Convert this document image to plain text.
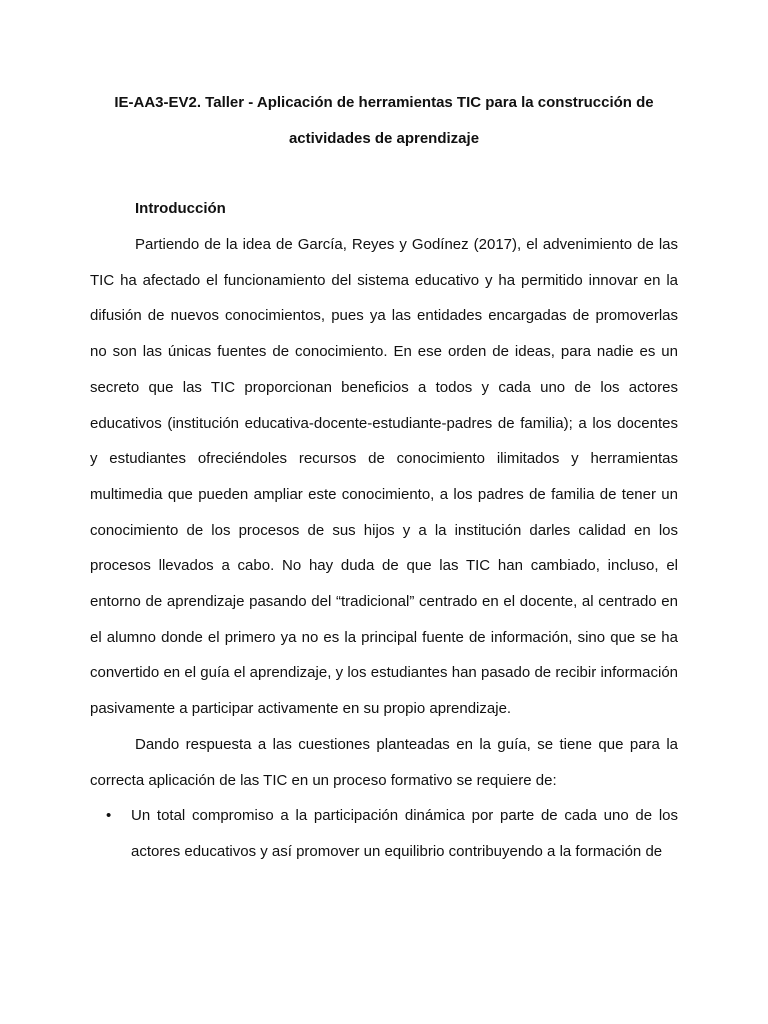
IE-AA3-EV2. Taller - Aplicación de herramientas TIC para la construcción de actividades de aprendizaje
Introducción

Partiendo de la idea de García, Reyes y Godínez (2017), el advenimiento de las TIC ha afectado el funcionamiento del sistema educativo y ha permitido innovar en la difusión de nuevos conocimientos, pues ya las entidades encargadas de promoverlas no son las únicas fuentes de conocimiento. En ese orden de ideas, para nadie es un secreto que las TIC proporcionan beneficios a todos y cada uno de los actores educativos (institución educativa-docente-estudiante-padres de familia); a los docentes y estudiantes ofreciéndoles recursos de conocimiento ilimitados y herramientas multimedia que pueden ampliar este conocimiento, a los padres de familia de tener un conocimiento de los procesos de sus hijos y a la institución darles calidad en los procesos llevados a cabo. No hay duda de que las TIC han cambiado, incluso, el entorno de aprendizaje pasando del “tradicional” centrado en el docente, al centrado en el alumno donde el primero ya no es la principal fuente de información, sino que se ha convertido en el guía el aprendizaje, y los estudiantes han pasado de recibir información pasivamente a participar activamente en su propio aprendizaje.

Dando respuesta a las cuestiones planteadas en la guía, se tiene que para la correcta aplicación de las TIC en un proceso formativo se requiere de:

• Un total compromiso a la participación dinámica por parte de cada uno de los actores educativos y así promover un equilibrio contribuyendo a la formación de
